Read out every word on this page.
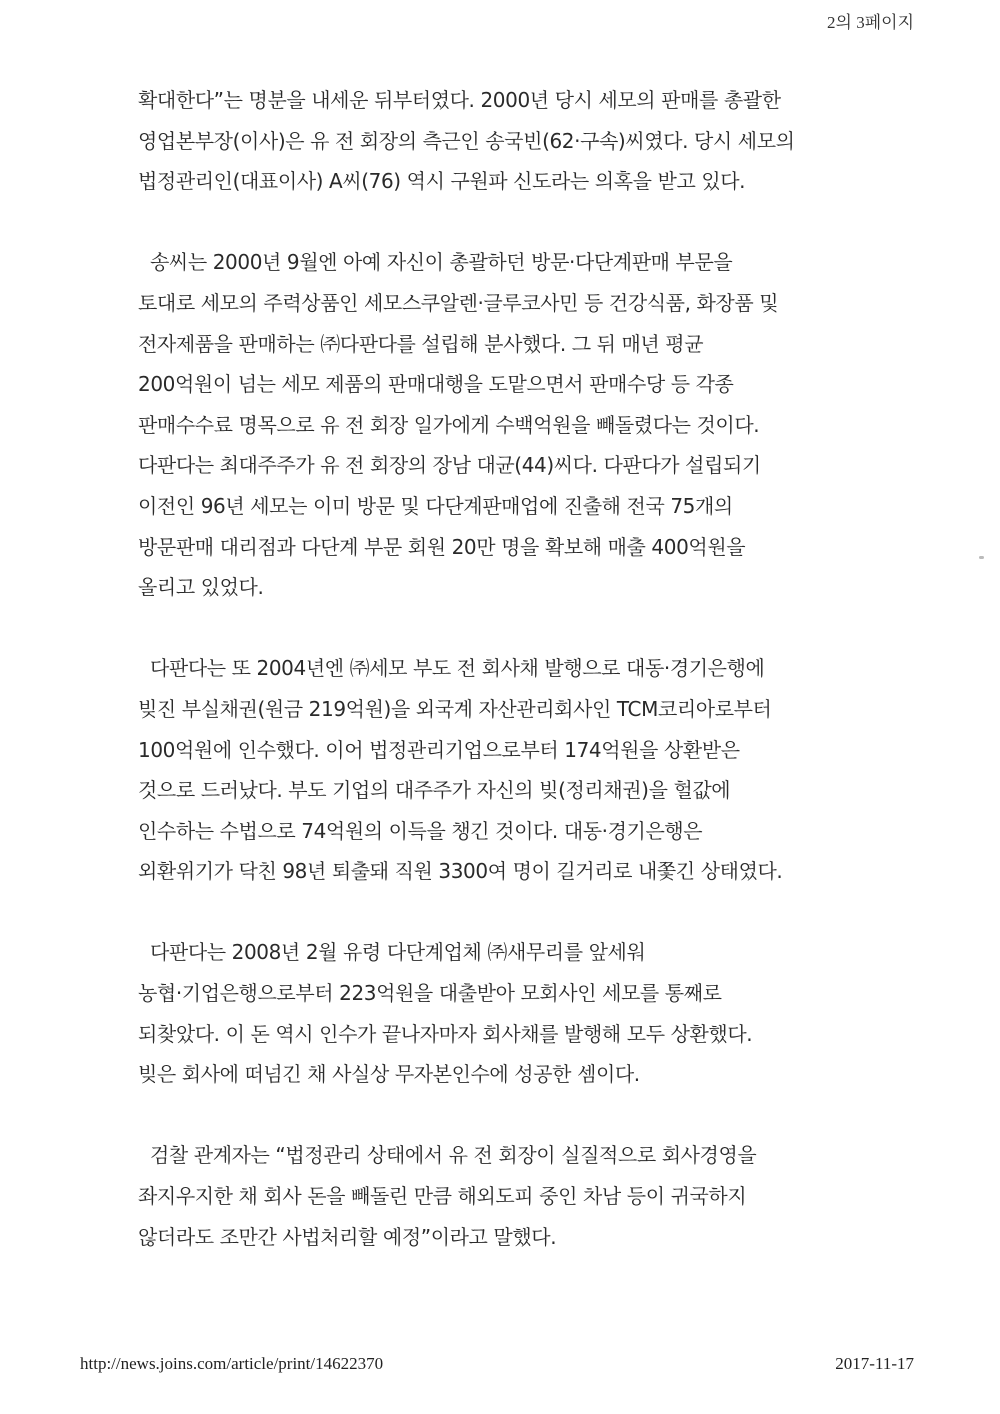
2의 3페이지
확대한다”는 명분을 내세운 뒤부터였다. 2000년 당시 세모의 판매를 총괄한
영업본부장(이사)은 유 전 회장의 측근인 송국빈(62·구속)씨였다. 당시 세모의
법정관리인(대표이사) A씨(76) 역시 구원파 신도라는 의혹을 받고 있다.
송씨는 2000년 9월엔 아예 자신이 총괄하던 방문·다단계판매 부문을
토대로 세모의 주력상품인 세모스쿠알렌·글루코사민 등 건강식품, 화장품 및
전자제품을 판매하는 ㈜다판다를 설립해 분사했다. 그 뒤 매년 평균
200억원이 넘는 세모 제품의 판매대행을 도맡으면서 판매수당 등 각종
판매수수료 명목으로 유 전 회장 일가에게 수백억원을 빼돌렸다는 것이다.
다판다는 최대주주가 유 전 회장의 장남 대균(44)씨다. 다판다가 설립되기
이전인 96년 세모는 이미 방문 및 다단계판매업에 진출해 전국 75개의
방문판매 대리점과 다단계 부문 회원 20만 명을 확보해 매출 400억원을
올리고 있었다.
다판다는 또 2004년엔 ㈜세모 부도 전 회사채 발행으로 대동·경기은행에
빚진 부실채권(원금 219억원)을 외국계 자산관리회사인 TCM코리아로부터
100억원에 인수했다. 이어 법정관리기업으로부터 174억원을 상환받은
것으로 드러났다. 부도 기업의 대주주가 자신의 빚(정리채권)을 헐값에
인수하는 수법으로 74억원의 이득을 챙긴 것이다. 대동·경기은행은
외환위기가 닥친 98년 퇴출돼 직원 3300여 명이 길거리로 내쫓긴 상태였다.
다판다는 2008년 2월 유령 다단계업체 ㈜새무리를 앞세워
농협·기업은행으로부터 223억원을 대출받아 모회사인 세모를 통째로
되찾았다. 이 돈 역시 인수가 끝나자마자 회사채를 발행해 모두 상환했다.
빚은 회사에 떠넘긴 채 사실상 무자본인수에 성공한 셈이다.
검찰 관계자는 “법정관리 상태에서 유 전 회장이 실질적으로 회사경영을
좌지우지한 채 회사 돈을 빼돌린 만큼 해외도피 중인 차남 등이 귀국하지
않더라도 조만간 사법처리할 예정”이라고 말했다.
http://news.joins.com/article/print/14622370	2017-11-17
